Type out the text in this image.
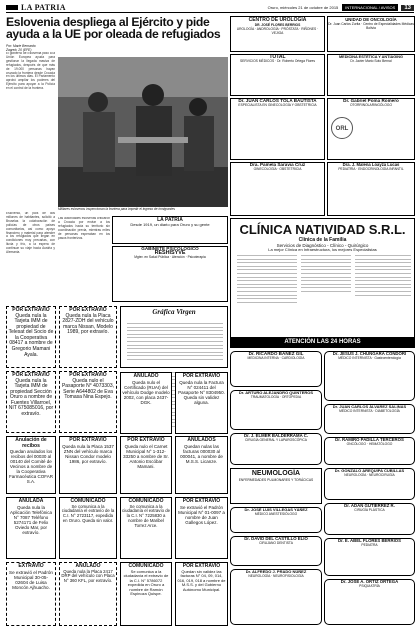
LA PATRIA	Oruro, miércoles 21 de octubre de 2015	INTERNACIONAL / AVISOS	13
Eslovenia despliega al Ejército y pide ayuda a la UE por oleada de refugiados
Por: Marie Bernardo
Zagreb, 20 (EFE)
El gobierno de Eslovenia pidió a la Unión Europea ayuda para gestionar la llegada masiva de refugiados, después de que más de 19.000 personas hayan cruzado la frontera desde Croacia en los últimos días. El Parlamento aprobó ampliar los poderes del Ejército para apoyar a la Policía en el control de la frontera.
Militares eslovenos inspeccionan la frontera para impedir el ingreso de inmigrantes
Eslovenia, un país de dos millones de habitantes, solicitó a Bruselas la colaboración de policías de otros países comunitarios, así como apoyo financiero y material para atender a los refugiados que llegan en condiciones muy precarias, con lluvia y frío, a la espera de continuar su viaje hacia Austria y Alemania.
Las autoridades eslovenas criticaron a Croacia por enviar a los refugiados hacia su territorio sin coordinación previa, mientras miles de personas esperaban en los pasos fronterizos.
CENTRO DE UROLOGÍA
DR. JOSÉ FLORES BERRIOS
UROLOGÍA · ANDROLOGÍA · PRÓSTATA · RIÑONES · VEJIGA
UNIDAD DE ONCOLOGÍA
Dr. Juan Carlos Zurita · Centro de Especialidades Médicas Bolivia
TOTAL
SERVICIOS MÉDICOS · Dr. Roberto Ortega Flores
MEDICINA ESTÉTICA Y ANTIAGING
Dr. Javier Mario Soto Bernal
Dr. JUAN CARLOS TOLA BAUTISTA
ESPECIALISTA EN GINECOLOGÍA Y OBSTETRICIA
ORL
Dr. Gabriel Poma Romero
OTORRINOLARINGÓLOGO
Dra. Pamela Saravia Cruz
GINECOLOGÍA · OBSTETRICIA
Dra. J. Malena Loayza Lucas
PEDIATRÍA · ENDOCRINOLOGÍA INFANTIL
LA PATRIA
Desde 1919, un diario para Oruro y su gente
GABINETE PSICOLÓGICO
RESHISYVE
Mgter. en Salud Pública · Atención · Psicoterapia
CLÍNICA NATIVIDAD S.R.L.
Clínica de la Familia
Servicios de Diagnóstico - Clínico - Quirúrgico
La mejor Clínica en Infraestructura, los mejores Especialistas
ATENCIÓN LAS 24 HORAS
POR EXTRAVÍO
Queda nula la Tarjeta IMM de propiedad de Telesat del Socio de la Cooperativa 08417 a nombre de Gregorio Mamani Ayala.
POR EXTRAVÍO
Queda nula la Placa 2827-ZDH del vehículo marca Nissan, Modelo 1989, por extravío.
POR EXTRAVÍO
Queda nula la Tarjeta IMM de propiedad Sección Oruro a nombre de Fuentes Villarroel, NIT 675085016, por extravío.
POR EXTRAVÍO
Queda nulo el Pasaporte N° 4073303, Serie A644802 de Eva Tomasa Nina Espejo.
Gráfica Virgen
Anulación de recibos
Quedan anulados los recibos del 00030 al 00140 del Comité de Vecinos a nombre de la Cooperativa Farmacéutica COFAR S.A.
POR EXTRAVÍO
Queda nula la Placa 1537 ZNN del vehículo marca Nissan Condor modelo 1986, por extravío.
ANULADO
Queda nulo el Certificado (RUAI) del vehículo Dodge modelo 2002, con placa 2437-DGK.
POR EXTRAVÍO
Queda nula la Factura N° 024411 del Pasaporte N° 8304950. Queda sin validez alguna.
POR EXTRAVÍO
Queda nulo el Carnet Municipal N° 1-312-33250 a nombre de Sr. Antonio Escóbar Mamani.
ANULADOS
Quedan nulas las facturas 000030 al 000041, a nombre de M.S.S. Licanze.
ANULADA
Queda nula la Aplicación Telefónica N° 7087 Teléfono 5274171 de Felix Oviedo Mar, por extravío.
COMUNICADO
Se comunica a la ciudadanía el extravío de la C.I. N° 2723117, expedida en Oruro. Queda sin valor.
COMUNICADO
Se comunica a la ciudadanía el extravío de la C.I. N° 7225830 a nombre de Maribel Torrez Arce.
POR EXTRAVÍO
Se extravió el Padrón Municipal N° 01-0097 a nombre de Juan Gallegos López.
EXTRAVÍO
Se extravió el Padrón Municipal 30-05-02604 de Luisa Moncón Ajhuacho.
ANULADO
Queda nula la Placa 2417 DRP del vehículo con Placa N° 360 KFL, por extravío.
COMUNICADO
Se comunica a la ciudadanía el extravío de la C.I. N° 5786072 expedida en Oruro a nombre de Ramón Espinoza Quispe.
POR EXTRAVÍO
Quedan sin validez las facturas N° 04, 09, 014, 016, 019, 018 a nombre de M.S.S. y del Gobierno Autónomo Municipal.
Dr. RICARDO BAÑEZ GIL
MEDICINA INTERNA · CARDIOLOGÍA
Dr. JESÚS J. CHUNGARA CONDORI
MÉDICO INTERNISTA · Gastroenterología
Dr. ARTURO ALEJANDRO QUINTEROS
TRAUMATOLOGÍA · ORTOPEDIA
Dr. JUAN CARLOS ÁLVAREZ SALINAS
MÉDICO INTERNISTA · DIABETOLOGÍA
Dr. J. ELMER BALDERRAMA C.
CIRUGÍA GENERAL Y LAPAROSCÓPICA	Dr. RAMIRO PADILLA TERCEROS
ONCÓLOGO · HEMATÓLOGO
NEUMOLOGÍA
ENFERMEDADES PULMONARES Y TORÁCICAS
Dr. GONZALO AREQUIPA CUBILLAS
NEUROLOGÍA · NEUROCIRUGÍA
Dr. JOSÉ LUIS VILLEGAS YÁÑEZ
MÉDICO ANESTESIÓLOGO
Dr. ADÁN GUTIÉRREZ R.
CIRUGÍA PLÁSTICA
Dr. DAVID DEL CASTILLO ELIO
CIRUJANO DENTISTA	Dr. E. ABEL FLORES BERRIOS
PEDIATRA
Dr. ALFREDO J. PRADO NÚÑEZ
NEUROLOGÍA · NEUROFISIOLOGÍA
Dr. JOSÉ A. ORTIZ ORTEGA
PSIQUIATRÍA
